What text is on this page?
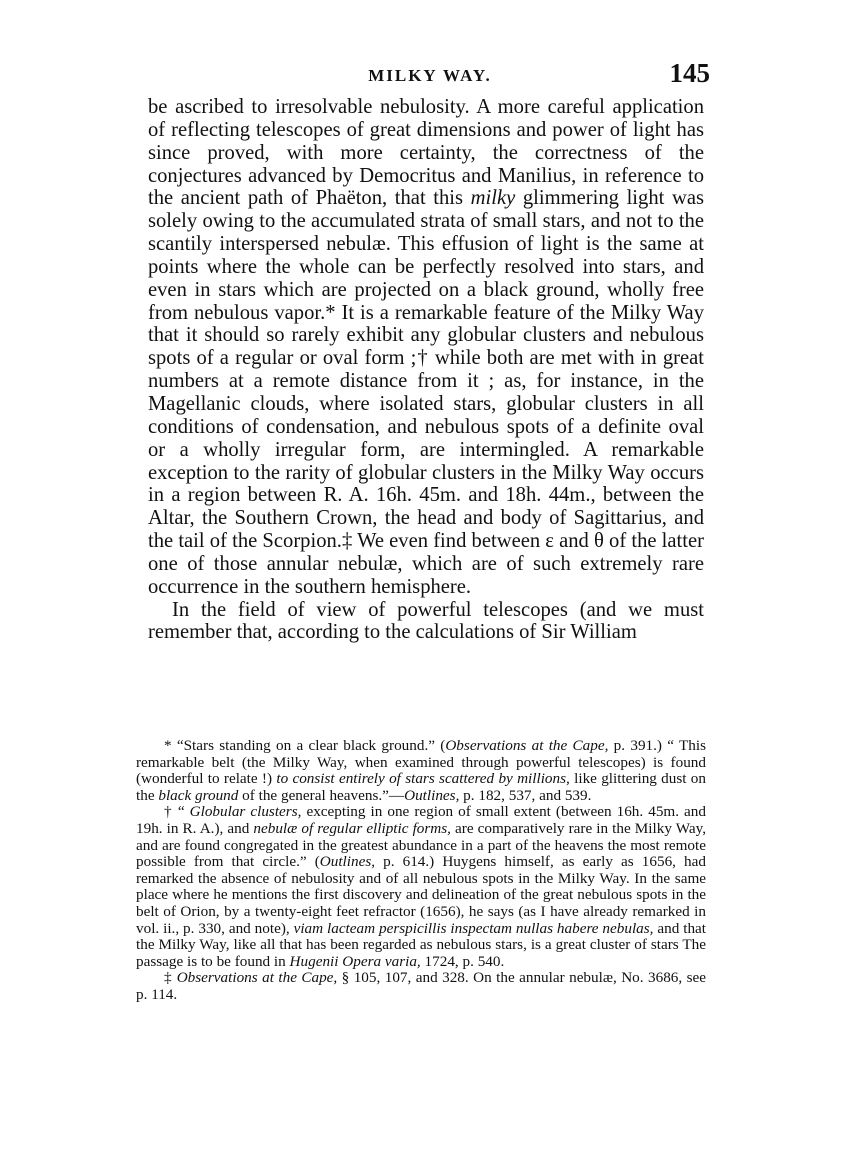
MILKY WAY.	145

be ascribed to irresolvable nebulosity. A more careful application of reflecting telescopes of great dimensions and power of light has since proved, with more certainty, the correctness of the conjectures advanced by Democritus and Manilius, in reference to the ancient path of Phaëton, that this milky glimmering light was solely owing to the accumulated strata of small stars, and not to the scantily interspersed nebulæ. This effusion of light is the same at points where the whole can be perfectly resolved into stars, and even in stars which are projected on a black ground, wholly free from nebulous vapor.* It is a remarkable feature of the Milky Way that it should so rarely exhibit any globular clusters and nebulous spots of a regular or oval form ;† while both are met with in great numbers at a remote distance from it ; as, for instance, in the Magellanic clouds, where isolated stars, globular clusters in all conditions of condensation, and nebulous spots of a definite oval or a wholly irregular form, are intermingled. A remarkable exception to the rarity of globular clusters in the Milky Way occurs in a region between R. A. 16h. 45m. and 18h. 44m., between the Altar, the Southern Crown, the head and body of Sagittarius, and the tail of the Scorpion.‡ We even find between ε and θ of the latter one of those annular nebulæ, which are of such extremely rare occurrence in the southern hemisphere.

In the field of view of powerful telescopes (and we must remember that, according to the calculations of Sir William

* “Stars standing on a clear black ground.” (Observations at the Cape, p. 391.) “ This remarkable belt (the Milky Way, when examined through powerful telescopes) is found (wonderful to relate !) to consist entirely of stars scattered by millions, like glittering dust on the black ground of the general heavens.”—Outlines, p. 182, 537, and 539.

† “ Globular clusters, excepting in one region of small extent (between 16h. 45m. and 19h. in R. A.), and nebulæ of regular elliptic forms, are comparatively rare in the Milky Way, and are found congregated in the greatest abundance in a part of the heavens the most remote possible from that circle.” (Outlines, p. 614.) Huygens himself, as early as 1656, had remarked the absence of nebulosity and of all nebulous spots in the Milky Way. In the same place where he mentions the first discovery and delineation of the great nebulous spots in the belt of Orion, by a twenty-eight feet refractor (1656), he says (as I have already remarked in vol. ii., p. 330, and note), viam lacteam perspicillis inspectam nullas habere nebulas, and that the Milky Way, like all that has been regarded as nebulous stars, is a great cluster of stars The passage is to be found in Hugenii Opera varia, 1724, p. 540.

‡ Observations at the Cape, § 105, 107, and 328. On the annular nebulæ, No. 3686, see p. 114.
